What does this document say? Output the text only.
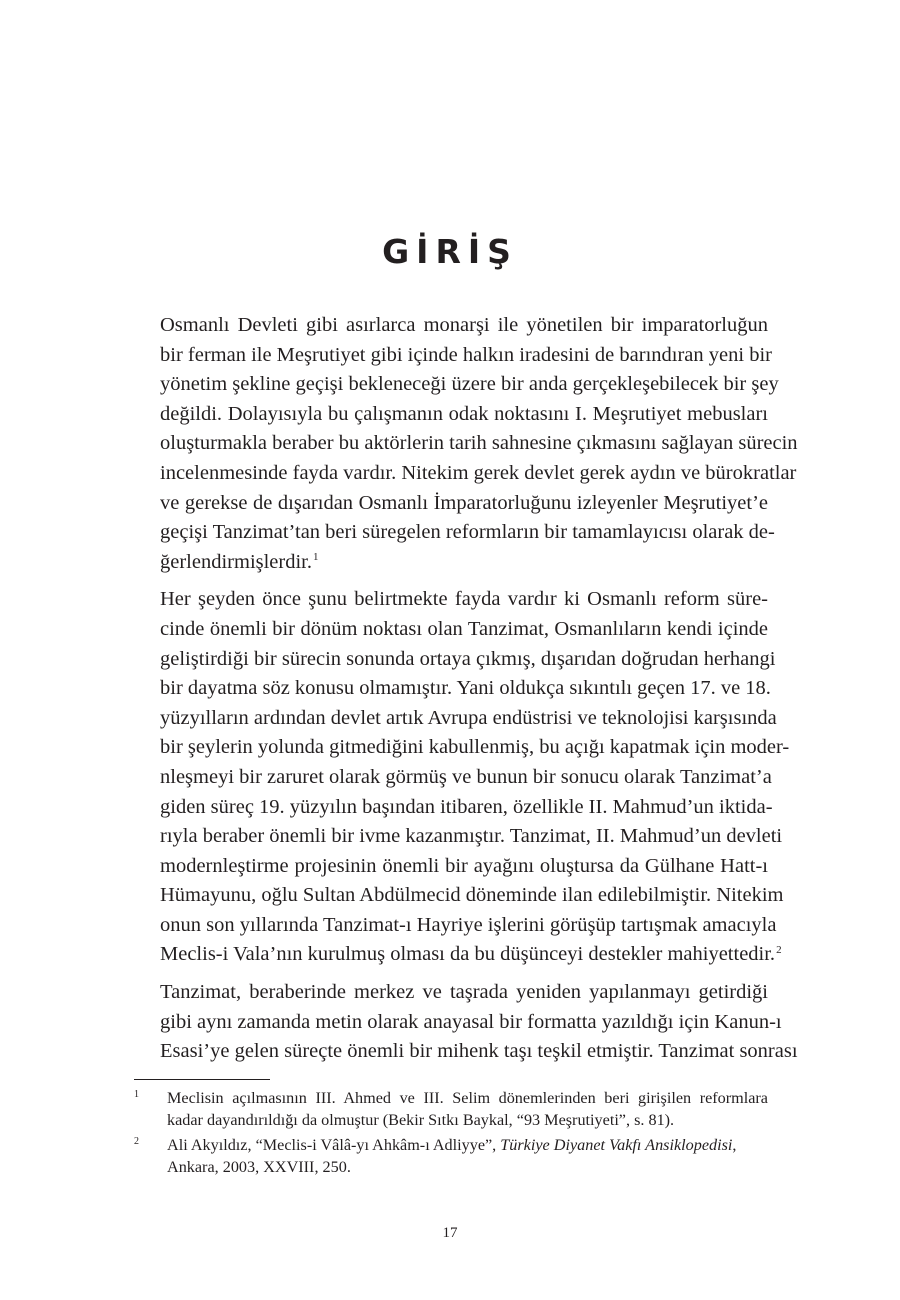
GİRİŞ

Osmanlı Devleti gibi asırlarca monarşi ile yönetilen bir imparatorluğun
bir ferman ile Meşrutiyet gibi içinde halkın iradesini de barındıran yeni bir
yönetim şekline geçişi bekleneceği üzere bir anda gerçekleşebilecek bir şey
değildi. Dolayısıyla bu çalışmanın odak noktasını I. Meşrutiyet mebusları
oluşturmakla beraber bu aktörlerin tarih sahnesine çıkmasını sağlayan sürecin
incelenmesinde fayda vardır. Nitekim gerek devlet gerek aydın ve bürokratlar
ve gerekse de dışarıdan Osmanlı İmparatorluğunu izleyenler Meşrutiyet’e
geçişi Tanzimat’tan beri süregelen reformların bir tamamlayıcısı olarak de-
ğerlendirmişlerdir.$^1$

Her şeyden önce şunu belirtmekte fayda vardır ki Osmanlı reform süre-
cinde önemli bir dönüm noktası olan Tanzimat, Osmanlıların kendi içinde
geliştirdiği bir sürecin sonunda ortaya çıkmış, dışarıdan doğrudan herhangi
bir dayatma söz konusu olmamıştır. Yani oldukça sıkıntılı geçen 17. ve 18.
yüzyılların ardından devlet artık Avrupa endüstrisi ve teknolojisi karşısında
bir şeylerin yolunda gitmediğini kabullenmiş, bu açığı kapatmak için moder-
nleşmeyi bir zaruret olarak görmüş ve bunun bir sonucu olarak Tanzimat’a
giden süreç 19. yüzyılın başından itibaren, özellikle II. Mahmud’un iktida-
rıyla beraber önemli bir ivme kazanmıştır. Tanzimat, II. Mahmud’un devleti
modernleştirme projesinin önemli bir ayağını oluştursa da Gülhane Hatt-ı
Hümayunu, oğlu Sultan Abdülmecid döneminde ilan edilebilmiştir. Nitekim
onun son yıllarında Tanzimat-ı Hayriye işlerini görüşüp tartışmak amacıyla
Meclis-i Vala’nın kurulmuş olması da bu düşünceyi destekler mahiyettedir.$^2$

Tanzimat, beraberinde merkez ve taşrada yeniden yapılanmayı getirdiği
gibi aynı zamanda metin olarak anayasal bir formatta yazıldığı için Kanun-ı
Esasi’ye gelen süreçte önemli bir mihenk taşı teşkil etmiştir. Tanzimat sonrası

1 Meclisin açılmasının III. Ahmed ve III. Selim dönemlerinden beri girişilen reformlara
kadar dayandırıldığı da olmuştur (Bekir Sıtkı Baykal, “93 Meşrutiyeti”, s. 81).
2 Ali Akyıldız, “Meclis-i Vâlâ-yı Ahkâm-ı Adliyye”, Türkiye Diyanet Vakfı Ansiklopedisi,
Ankara, 2003, XXVIII, 250.
17
